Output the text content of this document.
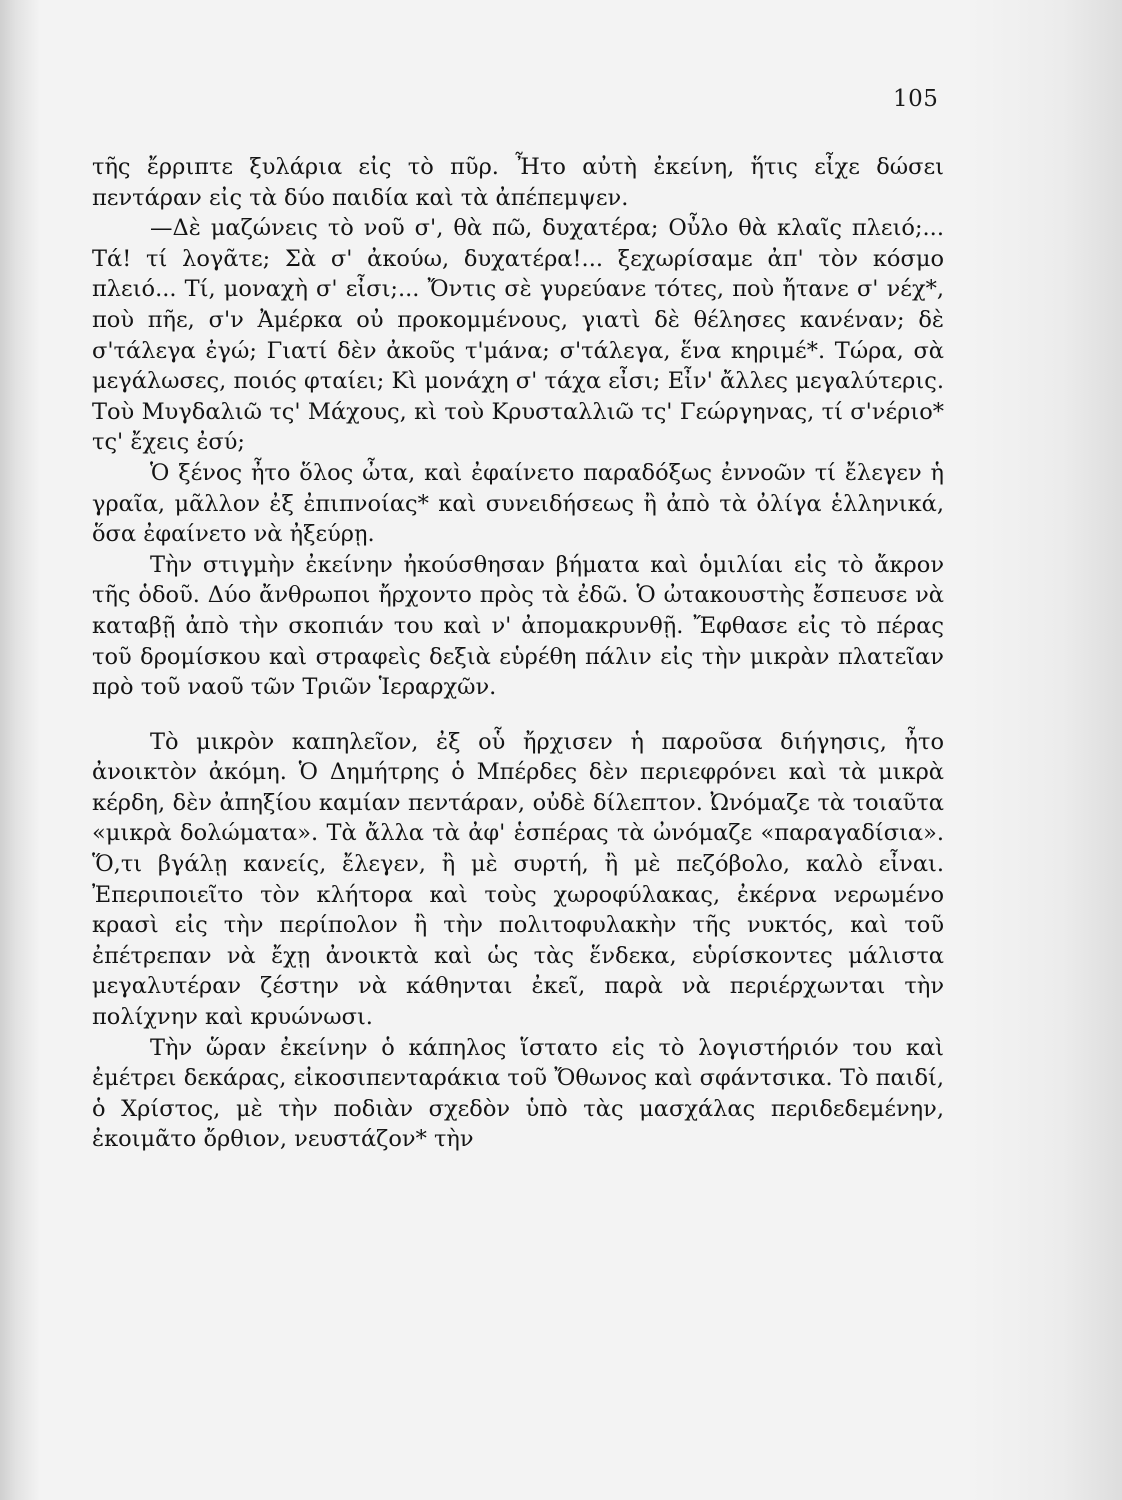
105

τῆς ἔρριπτε ξυλάρια εἰς τὸ πῦρ. Ἦτο αὐτὴ ἐκείνη, ἥτις εἶχε δώσει πεντάραν εἰς τὰ δύο παιδία καὶ τὰ ἀπέπεμψεν.

—Δὲ μαζώνεις τὸ νοῦ σ', θὰ πῶ, δυχατέρα; Οὖλο θὰ κλαῖς πλειό;... Τά! τί λογᾶτε; Σὰ σ' ἀκούω, δυχατέρα!... ξεχωρίσαμε ἀπ' τὸν κόσμο πλειό... Τί, μοναχὴ σ' εἶσι;... Ὄντις σὲ γυρεύανε τότες, ποὺ ἤτανε σ' νέχ*, ποὺ πῆε, σ'ν Ἀμέρκα οὐ προκομμένους, γιατὶ δὲ θέλησες κανέναν; δὲ σ'τάλεγα ἐγώ; Γιατί δὲν ἀκοῦς τ'μάνα; σ'τάλεγα, ἕνα κηριμέ*. Τώρα, σὰ μεγάλωσες, ποιός φταίει; Κὶ μονάχη σ' τάχα εἶσι; Εἶν' ἄλλες μεγαλύτερις. Τοὺ Μυγδαλιῶ τς' Μάχους, κὶ τοὺ Κρυσταλλιῶ τς' Γεώργηνας, τί σ'νέριο* τς' ἔχεις ἐσύ;

Ὁ ξένος ἦτο ὅλος ὦτα, καὶ ἐφαίνετο παραδόξως ἐννοῶν τί ἔλεγεν ἡ γραῖα, μᾶλλον ἐξ ἐπιπνοίας* καὶ συνειδήσεως ἢ ἀπὸ τὰ ὀλίγα ἑλληνικά, ὅσα ἐφαίνετο νὰ ἠξεύρῃ.

Τὴν στιγμὴν ἐκείνην ἠκούσθησαν βήματα καὶ ὁμιλίαι εἰς τὸ ἄκρον τῆς ὁδοῦ. Δύο ἄνθρωποι ἤρχοντο πρὸς τὰ ἐδῶ. Ὁ ὠτακουστὴς ἔσπευσε νὰ καταβῇ ἀπὸ τὴν σκοπιάν του καὶ ν' ἀπομακρυνθῇ. Ἔφθασε εἰς τὸ πέρας τοῦ δρομίσκου καὶ στραφεὶς δεξιὰ εὑρέθη πάλιν εἰς τὴν μικρὰν πλατεῖαν πρὸ τοῦ ναοῦ τῶν Τριῶν Ἱεραρχῶν.

Τὸ μικρὸν καπηλεῖον, ἐξ οὗ ἤρχισεν ἡ παροῦσα διήγησις, ἦτο ἀνοικτὸν ἀκόμη. Ὁ Δημήτρης ὁ Μπέρδες δὲν περιεφρόνει καὶ τὰ μικρὰ κέρδη, δὲν ἀπηξίου καμίαν πεντάραν, οὐδὲ δίλεπτον. Ὠνόμαζε τὰ τοιαῦτα «μικρὰ δολώματα». Τὰ ἄλλα τὰ ἀφ' ἑσπέρας τὰ ὠνόμαζε «παραγαδίσια». Ὅ,τι βγάλῃ κανείς, ἔλεγεν, ἢ μὲ συρτή, ἢ μὲ πεζόβολο, καλὸ εἶναι. Ἐπεριποιεῖτο τὸν κλήτορα καὶ τοὺς χωροφύλακας, ἐκέρνα νερωμένο κρασὶ εἰς τὴν περίπολον ἢ τὴν πολιτοφυλακὴν τῆς νυκτός, καὶ τοῦ ἐπέτρεπαν νὰ ἔχῃ ἀνοικτὰ καὶ ὡς τὰς ἕνδεκα, εὑρίσκοντες μάλιστα μεγαλυτέραν ζέστην νὰ κάθηνται ἐκεῖ, παρὰ νὰ περιέρχωνται τὴν πολίχνην καὶ κρυώνωσι.

Τὴν ὥραν ἐκείνην ὁ κάπηλος ἵστατο εἰς τὸ λογιστήριόν του καὶ ἐμέτρει δεκάρας, εἰκοσιπενταράκια τοῦ Ὄθωνος καὶ σφάντσικα. Τὸ παιδί, ὁ Χρίστος, μὲ τὴν ποδιὰν σχεδὸν ὑπὸ τὰς μασχάλας περιδεδεμένην, ἐκοιμᾶτο ὄρθιον, νευστάζον* τὴν
